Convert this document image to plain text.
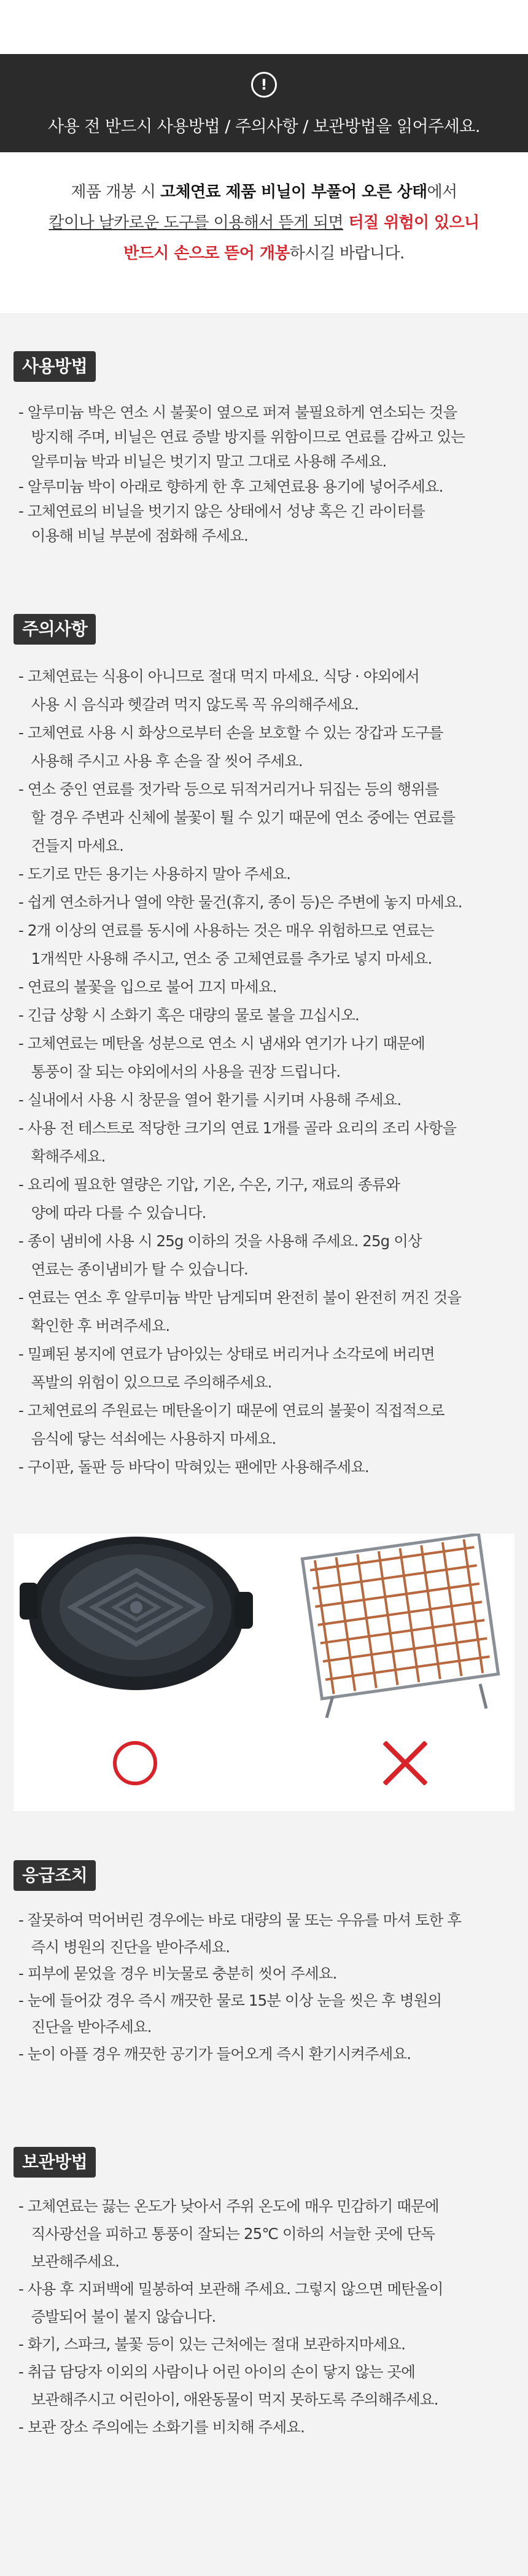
!
사용 전 반드시 사용방법 / 주의사항 / 보관방법을 읽어주세요.
제품 개봉 시 고체연료 제품 비닐이 부풀어 오른 상태에서
칼이나 날카로운 도구를 이용해서 뜯게 되면 터질 위험이 있으니
반드시 손으로 뜯어 개봉하시길 바랍니다.
사용방법
- 알루미늄 박은 연소 시 불꽃이 옆으로 퍼져 불필요하게 연소되는 것을
방지해 주며, 비닐은 연료 증발 방지를 위함이므로 연료를 감싸고 있는
알루미늄 박과 비닐은 벗기지 말고 그대로 사용해 주세요.
- 알루미늄 박이 아래로 향하게 한 후 고체연료용 용기에 넣어주세요.
- 고체연료의 비닐을 벗기지 않은 상태에서 성냥 혹은 긴 라이터를
이용해 비닐 부분에 점화해 주세요.
주의사항
- 고체연료는 식용이 아니므로 절대 먹지 마세요. 식당 · 야외에서
사용 시 음식과 헷갈려 먹지 않도록 꼭 유의해주세요.
- 고체연료 사용 시 화상으로부터 손을 보호할 수 있는 장갑과 도구를
사용해 주시고 사용 후 손을 잘 씻어 주세요.
- 연소 중인 연료를 젓가락 등으로 뒤적거리거나 뒤집는 등의 행위를
할 경우 주변과 신체에 불꽃이 튈 수 있기 때문에 연소 중에는 연료를
건들지 마세요.
- 도기로 만든 용기는 사용하지 말아 주세요.
- 쉽게 연소하거나 열에 약한 물건(휴지, 종이 등)은 주변에 놓지 마세요.
- 2개 이상의 연료를 동시에 사용하는 것은 매우 위험하므로 연료는
1개씩만 사용해 주시고, 연소 중 고체연료를 추가로 넣지 마세요.
- 연료의 불꽃을 입으로 불어 끄지 마세요.
- 긴급 상황 시 소화기 혹은 대량의 물로 불을 끄십시오.
- 고체연료는 메탄올 성분으로 연소 시 냄새와 연기가 나기 때문에
통풍이 잘 되는 야외에서의 사용을 권장 드립니다.
- 실내에서 사용 시 창문을 열어 환기를 시키며 사용해 주세요.
- 사용 전 테스트로 적당한 크기의 연료 1개를 골라 요리의 조리 사항을
확해주세요.
- 요리에 필요한 열량은 기압, 기온, 수온, 기구, 재료의 종류와
양에 따라 다를 수 있습니다.
- 종이 냄비에 사용 시 25g 이하의 것을 사용해 주세요. 25g 이상
연료는 종이냄비가 탈 수 있습니다.
- 연료는 연소 후 알루미늄 박만 남게되며 완전히 불이 완전히 꺼진 것을
확인한 후 버려주세요.
- 밀폐된 봉지에 연료가 남아있는 상태로 버리거나 소각로에 버리면
폭발의 위험이 있으므로 주의해주세요.
- 고체연료의 주원료는 메탄올이기 때문에 연료의 불꽃이 직접적으로
음식에 닿는 석쇠에는 사용하지 마세요.
- 구이판, 돌판 등 바닥이 막혀있는 팬에만 사용해주세요.
응급조치
- 잘못하여 먹어버린 경우에는 바로 대량의 물 또는 우유를 마셔 토한 후
즉시 병원의 진단을 받아주세요.
- 피부에 묻었을 경우 비눗물로 충분히 씻어 주세요.
- 눈에 들어갔 경우 즉시 깨끗한 물로 15분 이상 눈을 씻은 후 병원의
진단을 받아주세요.
- 눈이 아플 경우 깨끗한 공기가 들어오게 즉시 환기시켜주세요.
보관방법
- 고체연료는 끓는 온도가 낮아서 주위 온도에 매우 민감하기 때문에
직사광선을 피하고 통풍이 잘되는 25℃ 이하의 서늘한 곳에 단독
보관해주세요.
- 사용 후 지퍼백에 밀봉하여 보관해 주세요. 그렇지 않으면 메탄올이
증발되어 불이 붙지 않습니다.
- 화기, 스파크, 불꽃 등이 있는 근처에는 절대 보관하지마세요.
- 취급 담당자 이외의 사람이나 어린 아이의 손이 닿지 않는 곳에
보관해주시고 어린아이, 애완동물이 먹지 못하도록 주의해주세요.
- 보관 장소 주의에는 소화기를 비치해 주세요.
